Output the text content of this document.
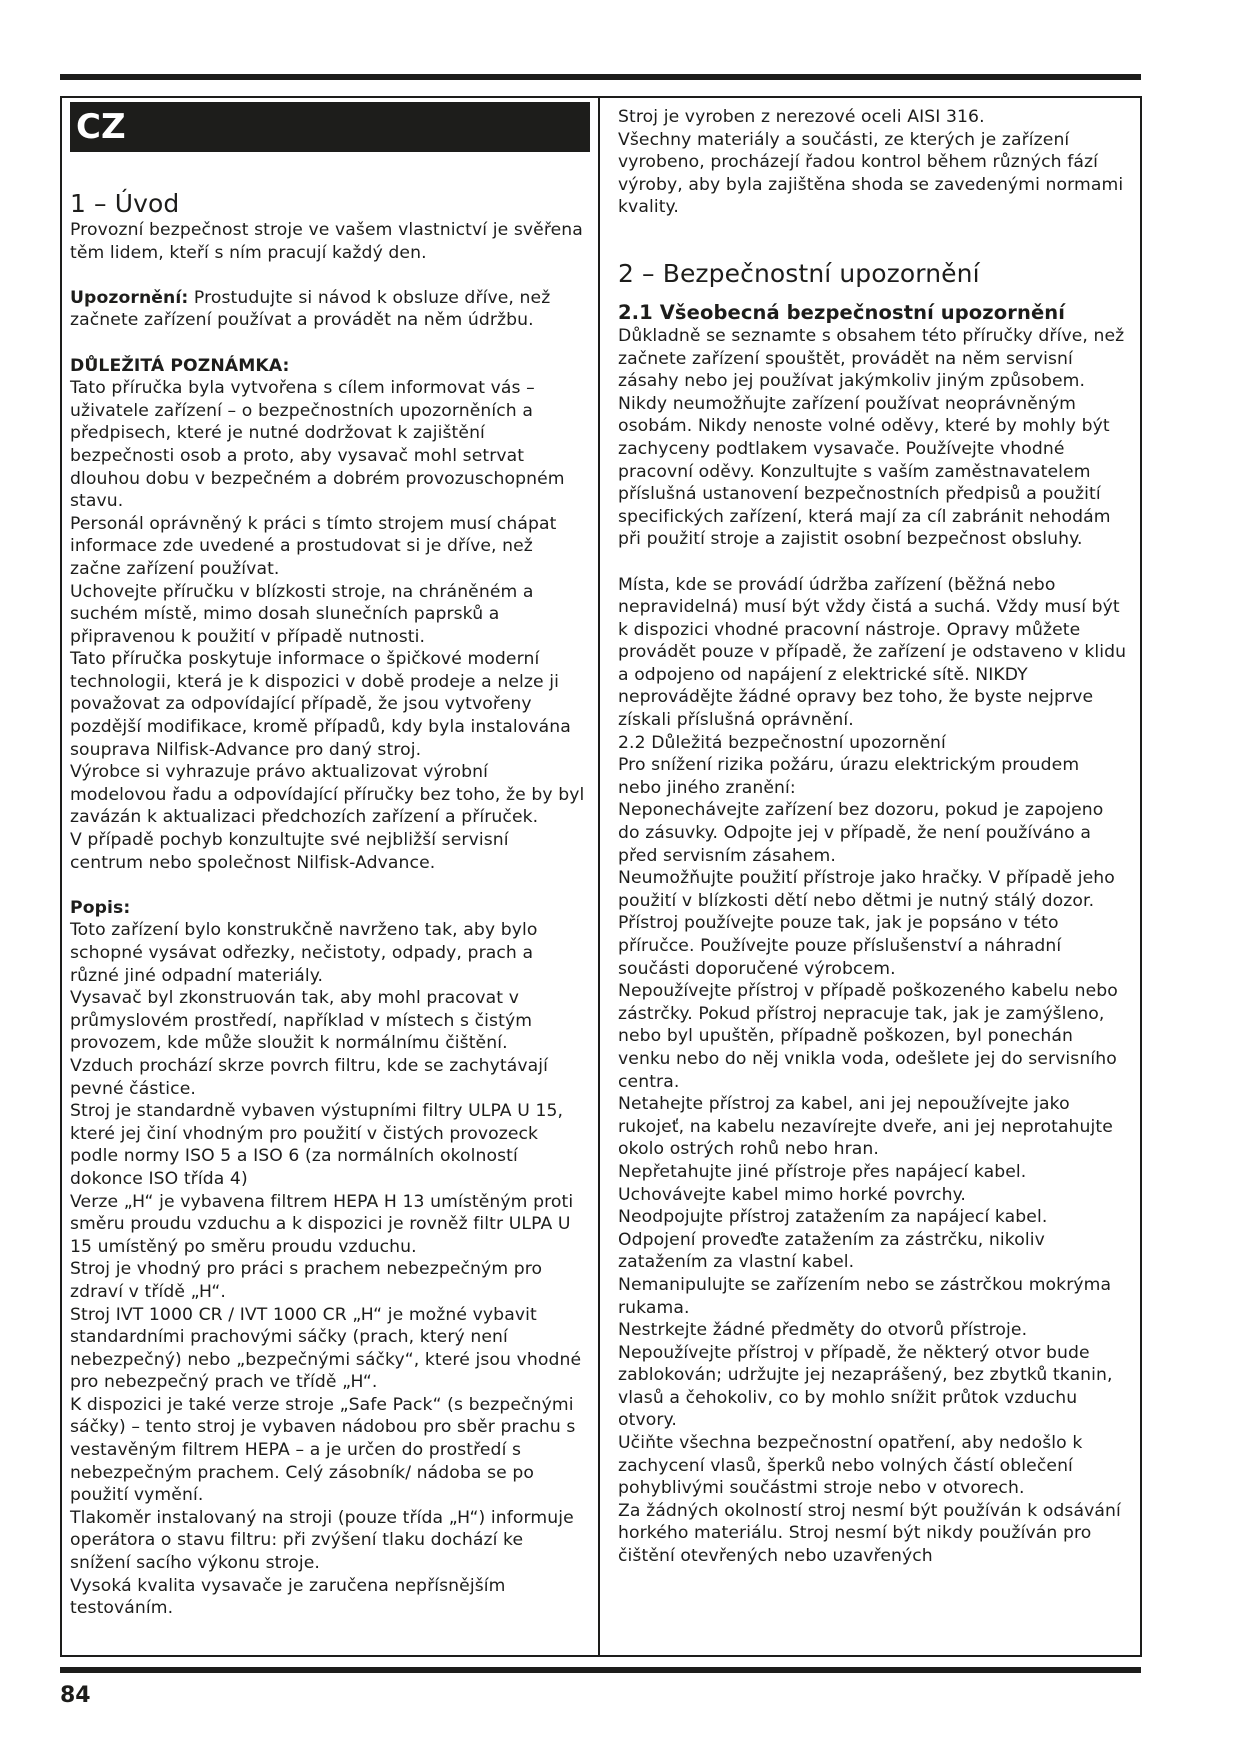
CZ
1 – Úvod

Provozní bezpečnost stroje ve vašem vlastnictví je svěřena těm lidem, kteří s ním pracují každý den.

Upozornění: Prostudujte si návod k obsluze dříve, než začnete zařízení používat a provádět na něm údržbu.

DŮLEŽITÁ POZNÁMKA:

Tato příručka byla vytvořena s cílem informovat vás – uživatele zařízení – o bezpečnostních upozorněních a předpisech, které je nutné dodržovat k zajištění bezpečnosti osob a proto, aby vysavač mohl setrvat dlouhou dobu v bezpečném a dobrém provozuschopném stavu.

Personál oprávněný k práci s tímto strojem musí chápat informace zde uvedené a prostudovat si je dříve, než začne zařízení používat.

Uchovejte příručku v blízkosti stroje, na chráněném a suchém místě, mimo dosah slunečních paprsků a připravenou k použití v případě nutnosti.

Tato příručka poskytuje informace o špičkové moderní technologii, která je k dispozici v době prodeje a nelze ji považovat za odpovídající případě, že jsou vytvořeny pozdější modifikace, kromě případů, kdy byla instalována souprava Nilfisk-Advance pro daný stroj.

Výrobce si vyhrazuje právo aktualizovat výrobní modelovou řadu a odpovídající příručky bez toho, že by byl zavázán k aktualizaci předchozích zařízení a příruček.

V případě pochyb konzultujte své nejbližší servisní centrum nebo společnost Nilfisk-Advance.

Popis:

Toto zařízení bylo konstrukčně navrženo tak, aby bylo schopné vysávat odřezky, nečistoty, odpady, prach a různé jiné odpadní materiály.

Vysavač byl zkonstruován tak, aby mohl pracovat v průmyslovém prostředí, například v místech s čistým provozem, kde může sloužit k normálnímu čištění.

Vzduch prochází skrze povrch filtru, kde se zachytávají pevné částice.

Stroj je standardně vybaven výstupními filtry ULPA U 15, které jej činí vhodným pro použití v čistých provozeck podle normy ISO 5 a ISO 6 (za normálních okolností dokonce ISO třída 4)

Verze „H“ je vybavena filtrem HEPA H 13 umístěným proti směru proudu vzduchu a k dispozici je rovněž filtr ULPA U 15 umístěný po směru proudu vzduchu.

Stroj je vhodný pro práci s prachem nebezpečným pro zdraví v třídě „H“.

Stroj IVT 1000 CR / IVT 1000 CR „H“ je možné vybavit standardními prachovými sáčky (prach, který není nebezpečný) nebo „bezpečnými sáčky“, které jsou vhodné pro nebezpečný prach ve třídě „H“.

K dispozici je také verze stroje „Safe Pack“ (s bezpečnými sáčky) – tento stroj je vybaven nádobou pro sběr prachu s vestavěným filtrem HEPA – a je určen do prostředí s nebezpečným prachem. Celý zásobník/ nádoba se po použití vymění.

Tlakoměr instalovaný na stroji (pouze třída „H“) informuje operátora o stavu filtru: při zvýšení tlaku dochází ke snížení sacího výkonu stroje.

Vysoká kvalita vysavače je zaručena nepřísnějším testováním.

Stroj je vyroben z nerezové oceli AISI 316.

Všechny materiály a součásti, ze kterých je zařízení vyrobeno, procházejí řadou kontrol během různých fází výroby, aby byla zajištěna shoda se zavedenými normami kvality.

2 – Bezpečnostní upozornění
2.1 Všeobecná bezpečnostní upozornění

Důkladně se seznamte s obsahem této příručky dříve, než začnete zařízení spouštět, provádět na něm servisní zásahy nebo jej používat jakýmkoliv jiným způsobem.

Nikdy neumožňujte zařízení používat neoprávněným osobám. Nikdy nenoste volné oděvy, které by mohly být zachyceny podtlakem vysavače. Používejte vhodné pracovní oděvy. Konzultujte s vaším zaměstnavatelem příslušná ustanovení bezpečnostních předpisů a použití specifických zařízení, která mají za cíl zabránit nehodám při použití stroje a zajistit osobní bezpečnost obsluhy.

Místa, kde se provádí údržba zařízení (běžná nebo nepravidelná) musí být vždy čistá a suchá. Vždy musí být k dispozici vhodné pracovní nástroje. Opravy můžete provádět pouze v případě, že zařízení je odstaveno v klidu a odpojeno od napájení z elektrické sítě. NIKDY neprovádějte žádné opravy bez toho, že byste nejprve získali příslušná oprávnění.

2.2 Důležitá bezpečnostní upozornění

Pro snížení rizika požáru, úrazu elektrickým proudem nebo jiného zranění:

Neponechávejte zařízení bez dozoru, pokud je zapojeno do zásuvky. Odpojte jej v případě, že není používáno a před servisním zásahem.

Neumožňujte použití přístroje jako hračky. V případě jeho použití v blízkosti dětí nebo dětmi je nutný stálý dozor.

Přístroj používejte pouze tak, jak je popsáno v této příručce. Používejte pouze příslušenství a náhradní součásti doporučené výrobcem.

Nepoužívejte přístroj v případě poškozeného kabelu nebo zástrčky. Pokud přístroj nepracuje tak, jak je zamýšleno, nebo byl upuštěn, případně poškozen, byl ponechán venku nebo do něj vnikla voda, odešlete jej do servisního centra.

Netahejte přístroj za kabel, ani jej nepoužívejte jako rukojeť, na kabelu nezavírejte dveře, ani jej neprotahujte okolo ostrých rohů nebo hran.

Nepřetahujte jiné přístroje přes napájecí kabel.

Uchovávejte kabel mimo horké povrchy.

Neodpojujte přístroj zatažením za napájecí kabel.

Odpojení proveďte zatažením za zástrčku, nikoliv zatažením za vlastní kabel.

Nemanipulujte se zařízením nebo se zástrčkou mokrýma rukama.

Nestrkejte žádné předměty do otvorů přístroje.

Nepoužívejte přístroj v případě, že některý otvor bude zablokován; udržujte jej nezaprášený, bez zbytků tkanin, vlasů a čehokoliv, co by mohlo snížit průtok vzduchu otvory.

Učiňte všechna bezpečnostní opatření, aby nedošlo k zachycení vlasů, šperků nebo volných částí oblečení pohyblivými součástmi stroje nebo v otvorech.

Za žádných okolností stroj nesmí být používán k odsávání horkého materiálu. Stroj nesmí být nikdy používán pro čištění otevřených nebo uzavřených

84
